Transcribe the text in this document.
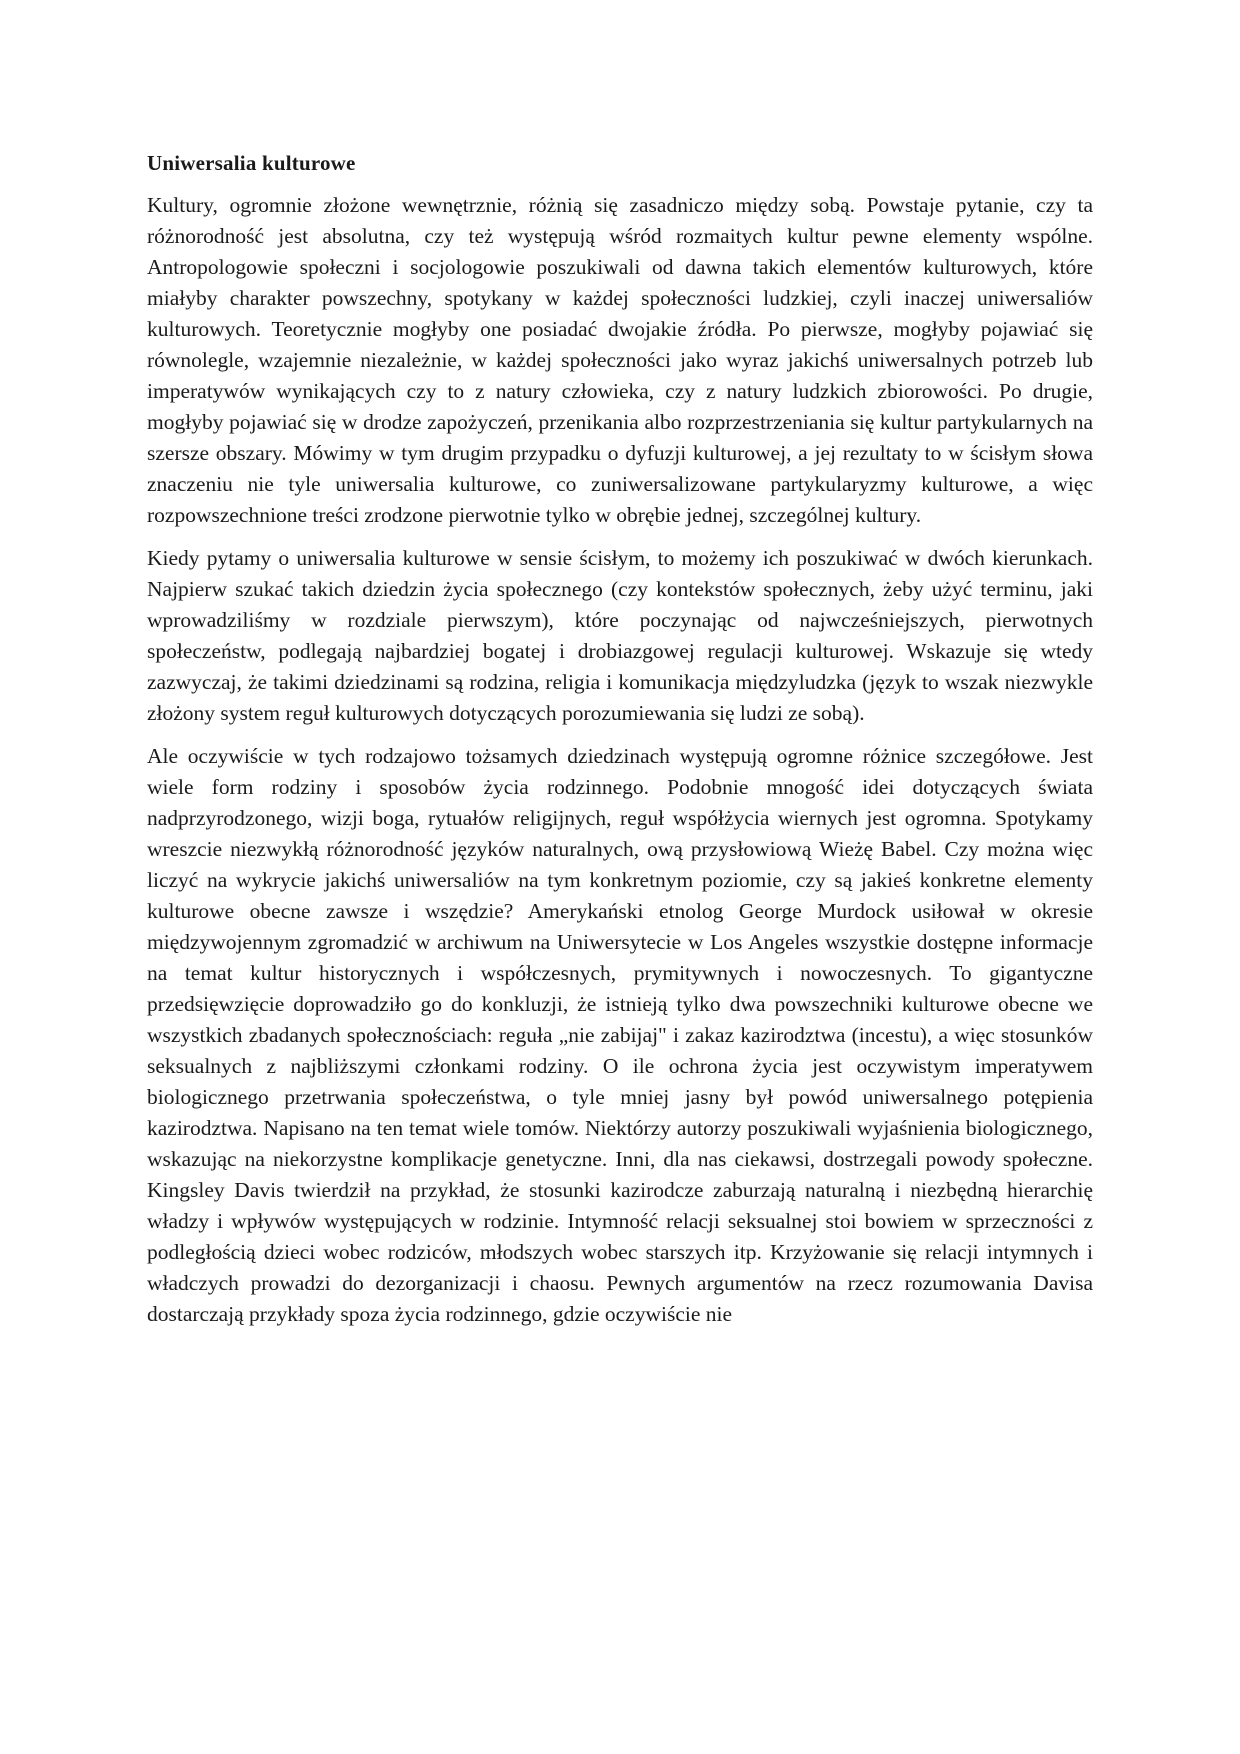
Uniwersalia kulturowe

Kultury, ogromnie złożone wewnętrznie, różnią się zasadniczo między sobą. Powstaje pytanie, czy ta różnorodność jest absolutna, czy też występują wśród rozmaitych kultur pewne elementy wspólne. Antropologowie społeczni i socjologowie poszukiwali od dawna takich elementów kulturowych, które miałyby charakter powszechny, spotykany w każdej społeczności ludzkiej, czyli inaczej uniwersaliów kulturowych. Teoretycznie mogłyby one posiadać dwojakie źródła. Po pierwsze, mogłyby pojawiać się równolegle, wzajemnie niezależnie, w każdej społeczności jako wyraz jakichś uniwersalnych potrzeb lub imperatywów wynikających czy to z natury człowieka, czy z natury ludzkich zbiorowości. Po drugie, mogłyby pojawiać się w drodze zapożyczeń, przenikania albo rozprzestrzeniania się kultur partykularnych na szersze obszary. Mówimy w tym drugim przypadku o dyfuzji kulturowej, a jej rezultaty to w ścisłym słowa znaczeniu nie tyle uniwersalia kulturowe, co zuniwersalizowane partykularyzmy kulturowe, a więc rozpowszechnione treści zrodzone pierwotnie tylko w obrębie jednej, szczególnej kultury.

Kiedy pytamy o uniwersalia kulturowe w sensie ścisłym, to możemy ich poszukiwać w dwóch kierunkach. Najpierw szukać takich dziedzin życia społecznego (czy kontekstów społecznych, żeby użyć terminu, jaki wprowadziliśmy w rozdziale pierwszym), które poczynając od najwcześniejszych, pierwotnych społeczeństw, podlegają najbardziej bogatej i drobiazgowej regulacji kulturowej. Wskazuje się wtedy zazwyczaj, że takimi dziedzinami są rodzina, religia i komunikacja międzyludzka (język to wszak niezwykle złożony system reguł kulturowych dotyczących porozumiewania się ludzi ze sobą).

Ale oczywiście w tych rodzajowo tożsamych dziedzinach występują ogromne różnice szczegółowe. Jest wiele form rodziny i sposobów życia rodzinnego. Podobnie mnogość idei dotyczących świata nadprzyrodzonego, wizji boga, rytuałów religijnych, reguł współżycia wiernych jest ogromna. Spotykamy wreszcie niezwykłą różnorodność języków naturalnych, ową przysłowiową Wieżę Babel. Czy można więc liczyć na wykrycie jakichś uniwersaliów na tym konkretnym poziomie, czy są jakieś konkretne elementy kulturowe obecne zawsze i wszędzie? Amerykański etnolog George Murdock usiłował w okresie międzywojennym zgromadzić w archiwum na Uniwersytecie w Los Angeles wszystkie dostępne informacje na temat kultur historycznych i współczesnych, prymitywnych i nowoczesnych. To gigantyczne przedsięwzięcie doprowadziło go do konkluzji, że istnieją tylko dwa powszechniki kulturowe obecne we wszystkich zbadanych społecznościach: reguła „nie zabijaj" i zakaz kazirodztwa (incestu), a więc stosunków seksualnych z najbliższymi członkami rodziny. O ile ochrona życia jest oczywistym imperatywem biologicznego przetrwania społeczeństwa, o tyle mniej jasny był powód uniwersalnego potępienia kazirodztwa. Napisano na ten temat wiele tomów. Niektórzy autorzy poszukiwali wyjaśnienia biologicznego, wskazując na niekorzystne komplikacje genetyczne. Inni, dla nas ciekawsi, dostrzegali powody społeczne. Kingsley Davis twierdził na przykład, że stosunki kazirodcze zaburzają naturalną i niezbędną hierarchię władzy i wpływów występujących w rodzinie. Intymność relacji seksualnej stoi bowiem w sprzeczności z podległością dzieci wobec rodziców, młodszych wobec starszych itp. Krzyżowanie się relacji intymnych i władczych prowadzi do dezorganizacji i chaosu. Pewnych argumentów na rzecz rozumowania Davisa dostarczają przykłady spoza życia rodzinnego, gdzie oczywiście nie
